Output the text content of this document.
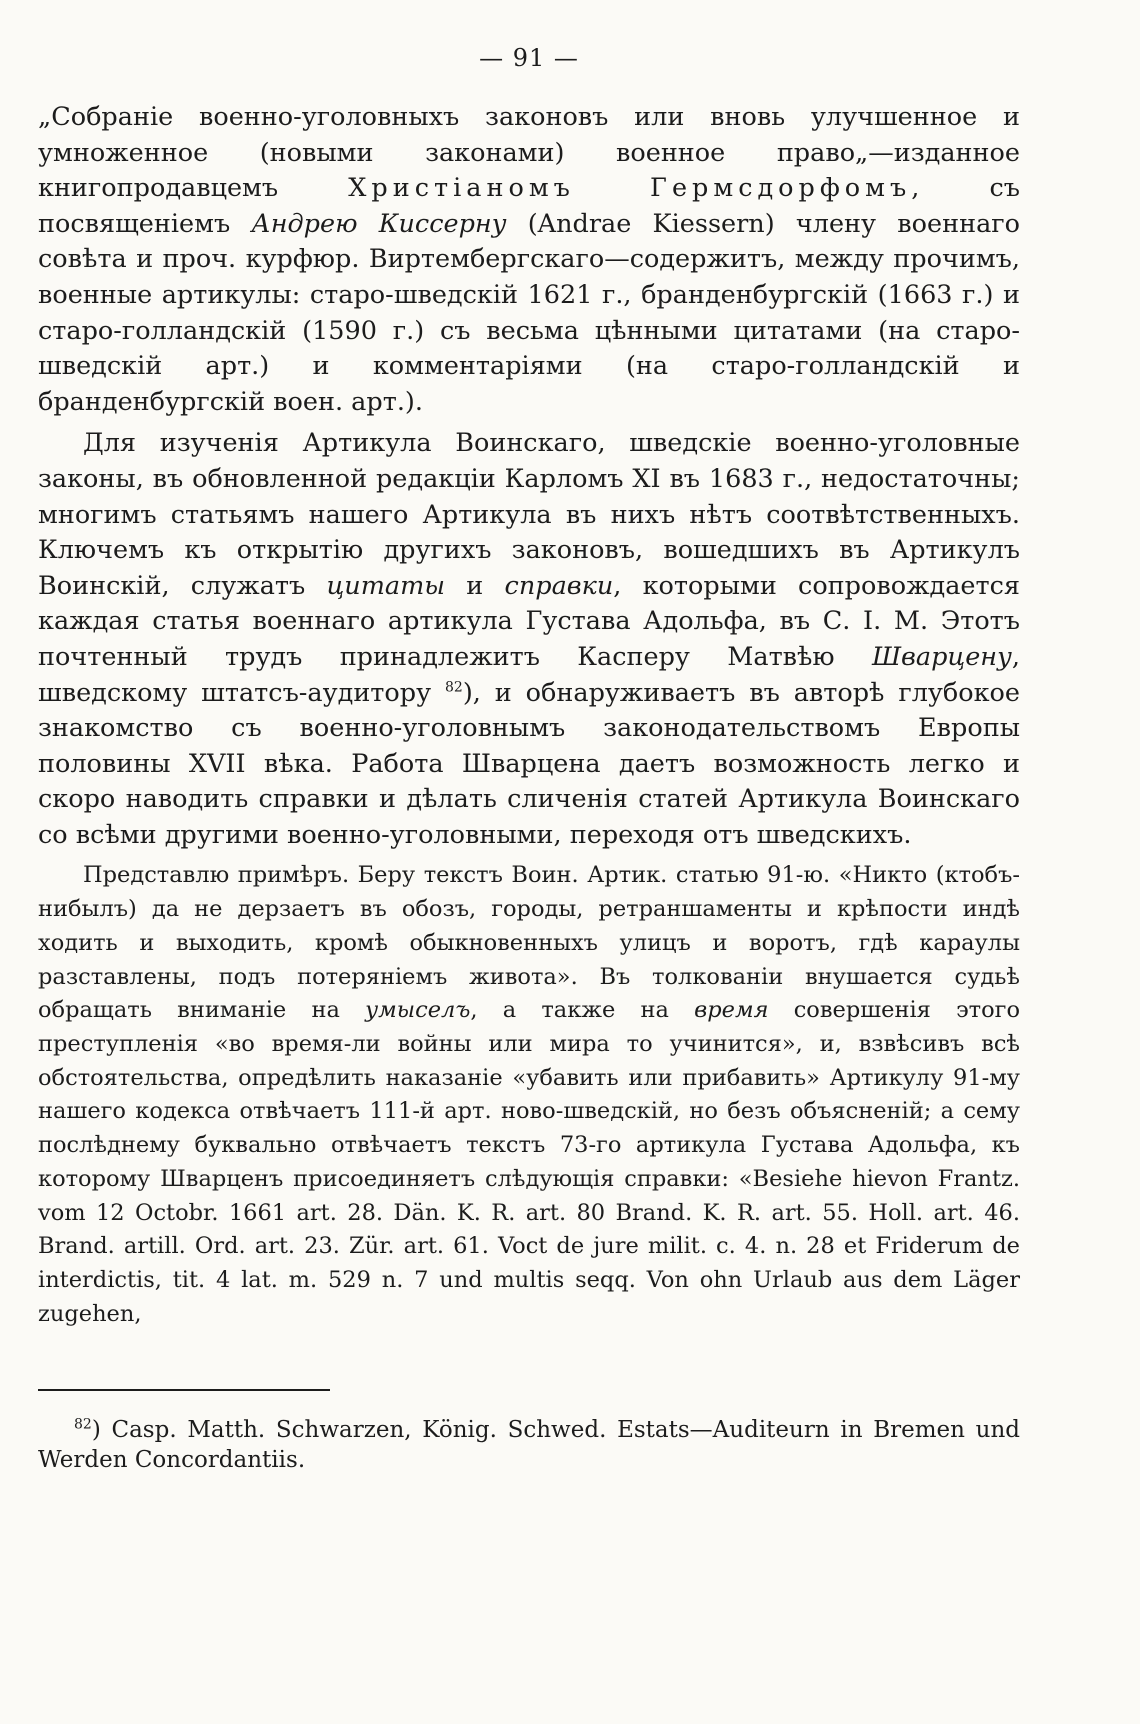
— 91 —

„Собраніе военно-уголовныхъ законовъ или вновь улучшенное и умноженное (новыми законами) военное право„—изданное книгопродавцемъ Христіаномъ Гермсдорфомъ, съ посвященіемъ Андрею Киссерну (Andrae Kiessern) члену военнаго совѣта и проч. курфюр. Виртембергскаго—содержитъ, между прочимъ, военные артикулы: старо-шведскій 1621 г., бранденбургскій (1663 г.) и старо-голландскій (1590 г.) съ весьма цѣнными цитатами (на старо-шведскій арт.) и комментаріями (на старо-голландскій и бранденбургскій воен. арт.).

Для изученія Артикула Воинскаго, шведскіе военно-уголовные законы, въ обновленной редакціи Карломъ XI въ 1683 г., недостаточны; многимъ статьямъ нашего Артикула въ нихъ нѣтъ соотвѣтственныхъ. Ключемъ къ открытію другихъ законовъ, вошедшихъ въ Артикулъ Воинскій, служатъ цитаты и справки, которыми сопровождается каждая статья военнаго артикула Густава Адольфа, въ С. І. М. Этотъ почтенный трудъ принадлежитъ Касперу Матвѣю Шварцену, шведскому штатсъ-аудитору $^{82}$), и обнаруживаетъ въ авторѣ глубокое знакомство съ военно-уголовнымъ законодательствомъ Европы половины XVII вѣка. Работа Шварцена даетъ возможность легко и скоро наводить справки и дѣлать сличенія статей Артикула Воинскаго со всѣми другими военно-уголовными, переходя отъ шведскихъ.

Представлю примѣръ. Беру текстъ Воин. Артик. статью 91-ю. «Никто (ктобъ-нибылъ) да не дерзаетъ въ обозъ, городы, ретраншаменты и крѣпости индѣ ходить и выходить, кромѣ обыкновенныхъ улицъ и воротъ, гдѣ караулы разставлены, подъ потеряніемъ живота». Въ толкованіи внушается судьѣ обращать вниманіе на умыселъ, а также на время совершенія этого преступленія «во время-ли войны или мира то учинится», и, взвѣсивъ всѣ обстоятельства, опредѣлить наказаніе «убавить или прибавить» Артикулу 91-му нашего кодекса отвѣчаетъ 111-й арт. ново-шведскій, но безъ объясненій; а сему послѣднему буквально отвѣчаетъ текстъ 73-го артикула Густава Адольфа, къ которому Шварценъ присоединяетъ слѣдующія справки: «Besiehe hievon Frantz. vom 12 Octobr. 1661 art. 28. Dän. K. R. art. 80 Brand. K. R. art. 55. Holl. art. 46. Brand. artill. Ord. art. 23. Zür. art. 61. Voct de jure milit. c. 4. n. 28 et Friderum de interdictis, tit. 4 lat. m. 529 n. 7 und multis seqq. Von ohn Urlaub aus dem Läger zugehen,

$^{82}$) Casp. Matth. Schwarzen, König. Schwed. Estats—Auditeurn in Bremen und Werden Concordantiis.
